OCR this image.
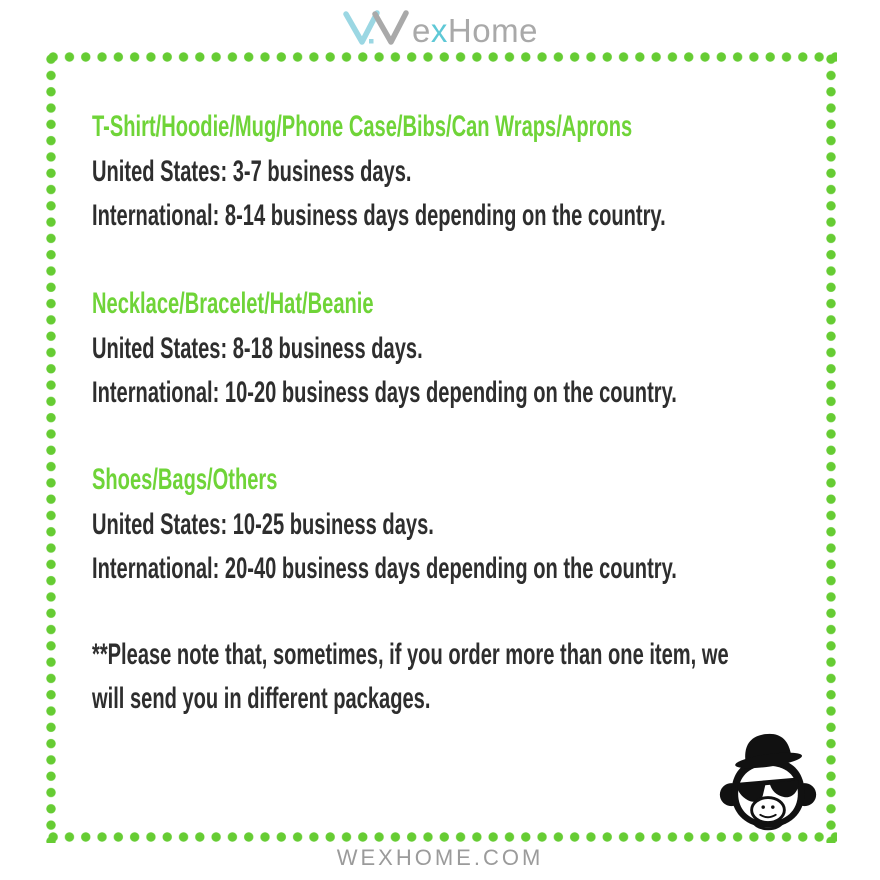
e x Home
T-Shirt/Hoodie/Mug/Phone Case/Bibs/Can Wraps/Aprons
United States: 3-7 business days.
International: 8-14 business days depending on the country.
Necklace/Bracelet/Hat/Beanie
United States: 8-18 business days.
International: 10-20 business days depending on the country.
Shoes/Bags/Others
United States: 10-25 business days.
International: 20-40 business days depending on the country.
**Please note that, sometimes, if you order more than one item, we
will send you in different packages.
WEXHOME.COM
